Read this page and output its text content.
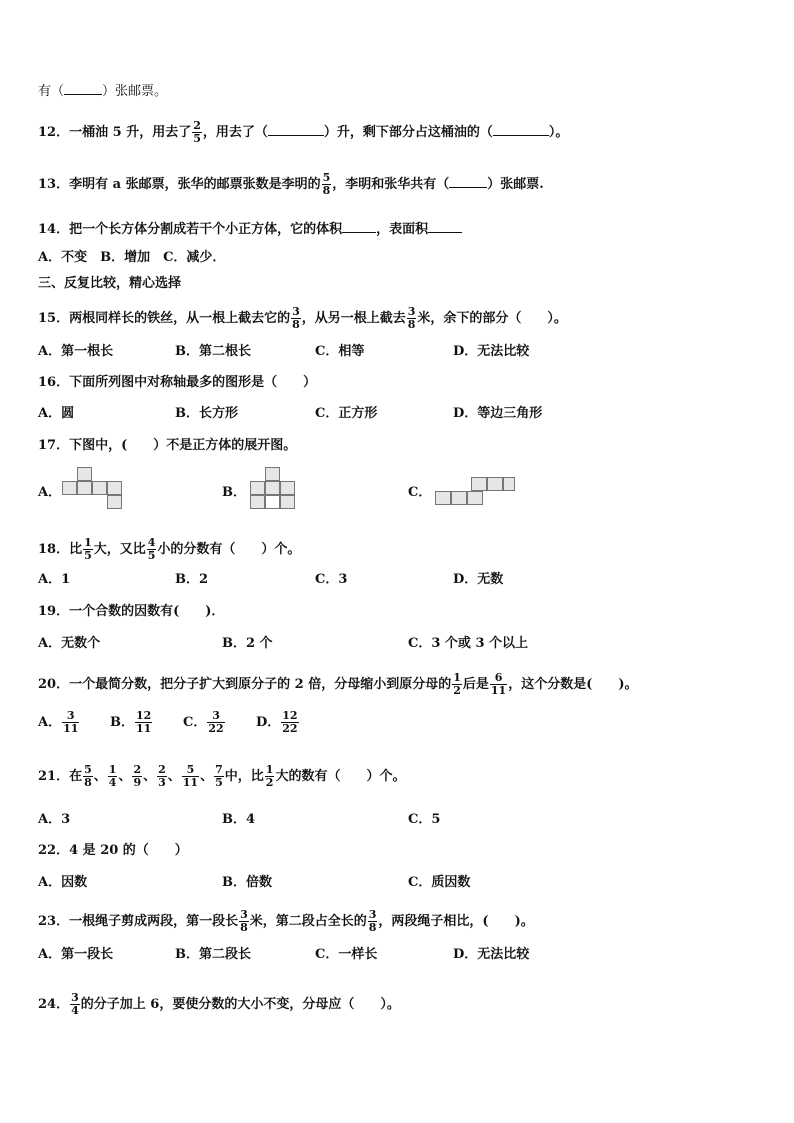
有（	）张邮票。
12．一桶油 5 升，用去了 $\frac{2}{5}$ ，用去了（	）升，剩下部分占这桶油的（	）。
13．李明有 a 张邮票，张华的邮票张数是李明的 $\frac{5}{8}$ ，李明和张华共有（	）张邮票.
14．把一个长方体分割成若干个小正方体，它的体积	，表面积
A．不变　B．增加　C．减少．
三、反复比较，精心选择
15．两根同样长的铁丝，从一根上截去它的 $\frac{3}{8}$ ，从另一根上截去 $\frac{3}{8}$ 米，余下的部分（　　）。
A．第一根长	B．第二根长	C．相等	D．无法比较
16．下面所列图中对称轴最多的图形是（　　）
A．圆	B．长方形	C．正方形	D．等边三角形
17．下图中，(　　）不是正方体的展开图。
A．	B．	C．
18．比 $\frac{1}{5}$ 大，又比 $\frac{4}{5}$ 小的分数有（　　）个。
A．1	B．2	C．3	D．无数
19．一个合数的因数有(　　)．
A．无数个	B．2 个	C．3 个或 3 个以上
20．一个最简分数，把分子扩大到原分子的 2 倍，分母缩小到原分母的 $\frac{1}{2}$ 后是 $\frac{6}{11}$ ，这个分数是(　　)。
A． $\frac{3}{11}$ B． $\frac{12}{11}$ C． $\frac{3}{22}$ D． $\frac{12}{22}$
21．在 $\frac{5}{8}$ 、 $\frac{1}{4}$ 、 $\frac{2}{9}$ 、 $\frac{2}{3}$ 、 $\frac{5}{11}$ 、 $\frac{7}{5}$ 中，比 $\frac{1}{2}$ 大的数有（　　）个。
A．3	B．4	C．5
22．4 是 20 的（　　）
A．因数	B．倍数	C．质因数
23．一根绳子剪成两段，第一段长 $\frac{3}{8}$ 米，第二段占全长的 $\frac{3}{8}$ ，两段绳子相比，(　　)。
A．第一段长	B．第二段长	C．一样长	D．无法比较
24． $\frac{3}{4}$ 的分子加上 6，要使分数的大小不变，分母应（　　）。
